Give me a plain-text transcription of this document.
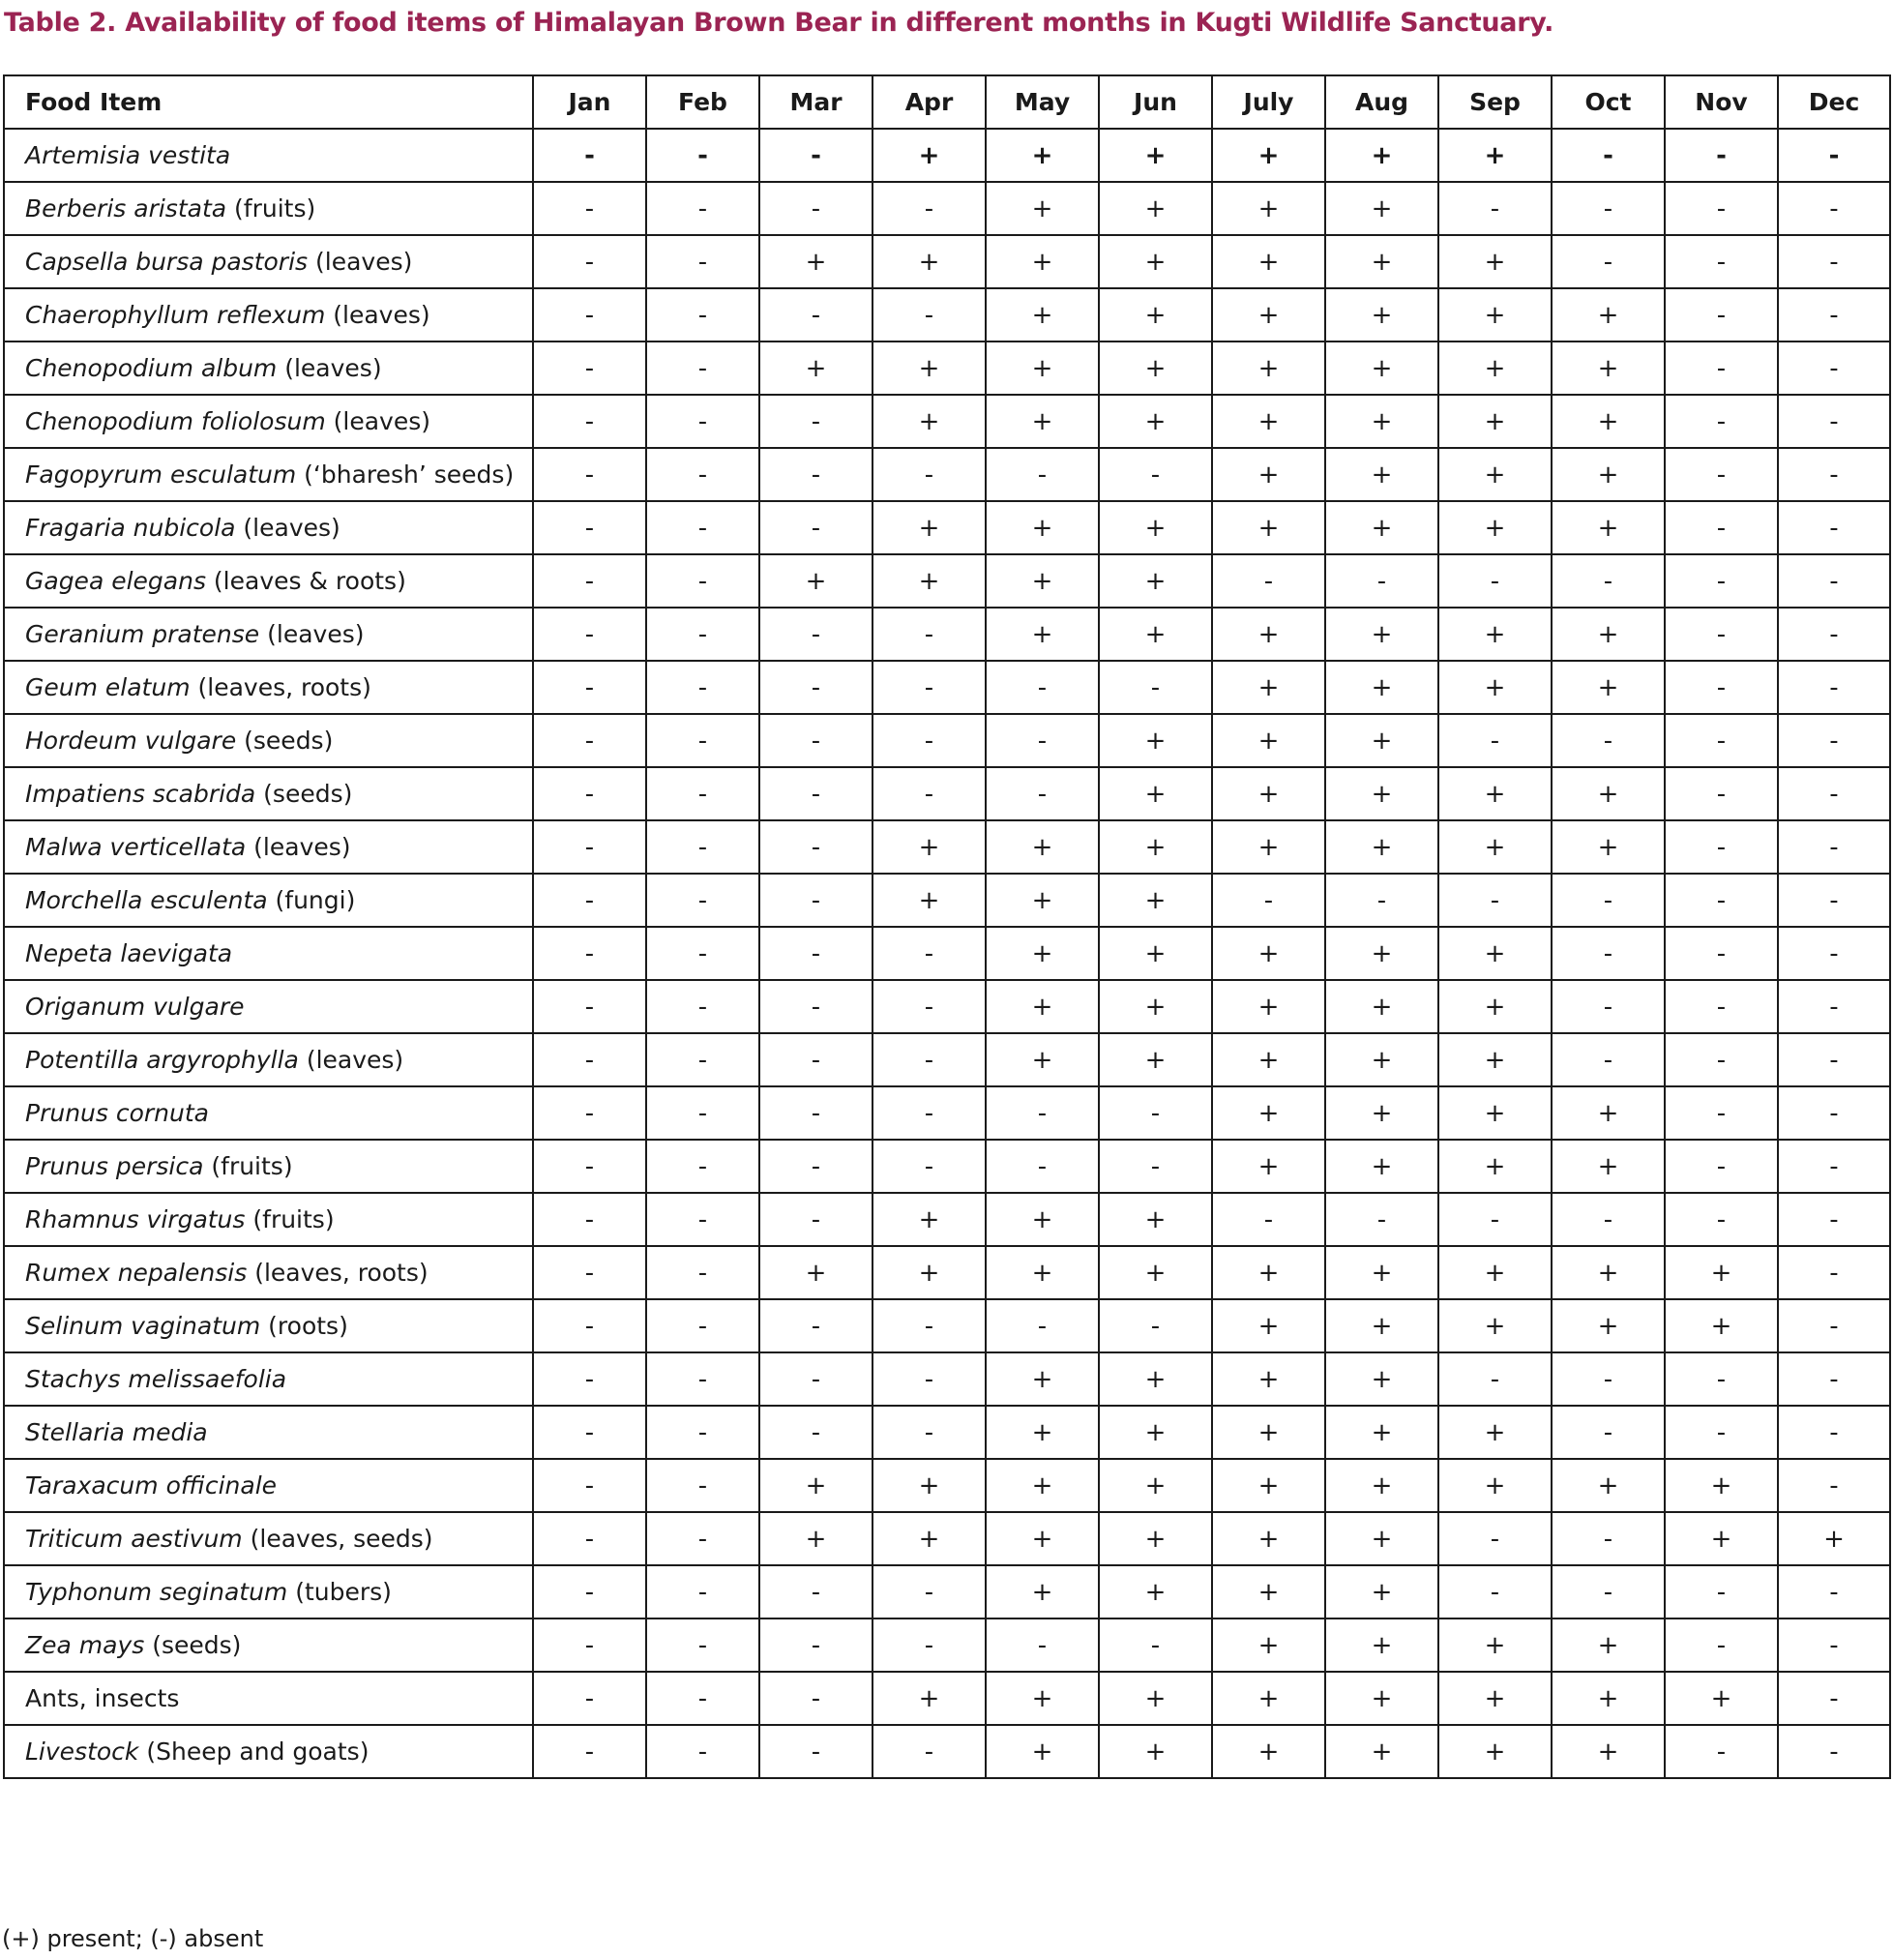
Table 2. Availability of food items of Himalayan Brown Bear in different months in Kugti Wildlife Sanctuary.
Food Item	Jan	Feb	Mar	Apr	May	Jun	July	Aug	Sep	Oct	Nov	Dec
Artemisia vestita	-	-	-	+	+	+	+	+	+	-	-	-
Berberis aristata (fruits)	-	-	-	-	+	+	+	+	-	-	-	-
Capsella bursa pastoris (leaves)	-	-	+	+	+	+	+	+	+	-	-	-
Chaerophyllum reflexum (leaves)	-	-	-	-	+	+	+	+	+	+	-	-
Chenopodium album (leaves)	-	-	+	+	+	+	+	+	+	+	-	-
Chenopodium foliolosum (leaves)	-	-	-	+	+	+	+	+	+	+	-	-
Fagopyrum esculatum (‘bharesh’ seeds)	-	-	-	-	-	-	+	+	+	+	-	-
Fragaria nubicola (leaves)	-	-	-	+	+	+	+	+	+	+	-	-
Gagea elegans (leaves & roots)	-	-	+	+	+	+	-	-	-	-	-	-
Geranium pratense (leaves)	-	-	-	-	+	+	+	+	+	+	-	-
Geum elatum (leaves, roots)	-	-	-	-	-	-	+	+	+	+	-	-
Hordeum vulgare (seeds)	-	-	-	-	-	+	+	+	-	-	-	-
Impatiens scabrida (seeds)	-	-	-	-	-	+	+	+	+	+	-	-
Malwa verticellata (leaves)	-	-	-	+	+	+	+	+	+	+	-	-
Morchella esculenta (fungi)	-	-	-	+	+	+	-	-	-	-	-	-
Nepeta laevigata	-	-	-	-	+	+	+	+	+	-	-	-
Origanum vulgare	-	-	-	-	+	+	+	+	+	-	-	-
Potentilla argyrophylla (leaves)	-	-	-	-	+	+	+	+	+	-	-	-
Prunus cornuta	-	-	-	-	-	-	+	+	+	+	-	-
Prunus persica (fruits)	-	-	-	-	-	-	+	+	+	+	-	-
Rhamnus virgatus (fruits)	-	-	-	+	+	+	-	-	-	-	-	-
Rumex nepalensis (leaves, roots)	-	-	+	+	+	+	+	+	+	+	+	-
Selinum vaginatum (roots)	-	-	-	-	-	-	+	+	+	+	+	-
Stachys melissaefolia	-	-	-	-	+	+	+	+	-	-	-	-
Stellaria media	-	-	-	-	+	+	+	+	+	-	-	-
Taraxacum officinale	-	-	+	+	+	+	+	+	+	+	+	-
Triticum aestivum (leaves, seeds)	-	-	+	+	+	+	+	+	-	-	+	+
Typhonum seginatum (tubers)	-	-	-	-	+	+	+	+	-	-	-	-
Zea mays (seeds)	-	-	-	-	-	-	+	+	+	+	-	-
Ants, insects	-	-	-	+	+	+	+	+	+	+	+	-
Livestock (Sheep and goats)	-	-	-	-	+	+	+	+	+	+	-	-
(+) present; (-) absent
